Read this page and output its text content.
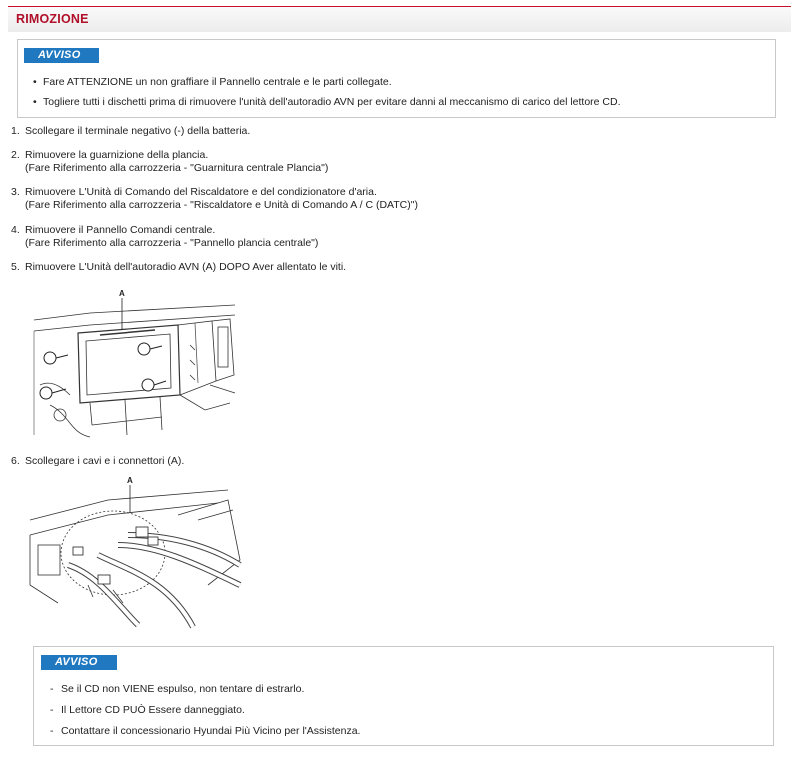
RIMOZIONE
AVVISO
• Fare ATTENZIONE un non graffiare il Pannello centrale e le parti collegate.
• Togliere tutti i dischetti prima di rimuovere l'unità dell'autoradio AVN per evitare danni al meccanismo di carico del lettore CD.
1. Scollegare il terminale negativo (-) della batteria.
2. Rimuovere la guarnizione della plancia.
(Fare Riferimento alla carrozzeria - "Guarnitura centrale Plancia")
3. Rimuovere L'Unità di Comando del Riscaldatore e del condizionatore d'aria.
(Fare Riferimento alla carrozzeria - "Riscaldatore e Unità di Comando A / C (DATC)")
4. Rimuovere il Pannello Comandi centrale.
(Fare Riferimento alla carrozzeria - "Pannello plancia centrale")
5. Rimuovere L'Unità dell'autoradio AVN (A) DOPO Aver allentato le viti.
A
6. Scollegare i cavi e i connettori (A).
A
AVVISO
- Se il CD non VIENE espulso, non tentare di estrarlo.
- Il Lettore CD PUÒ Essere danneggiato.
- Contattare il concessionario Hyundai Più Vicino per l'Assistenza.
